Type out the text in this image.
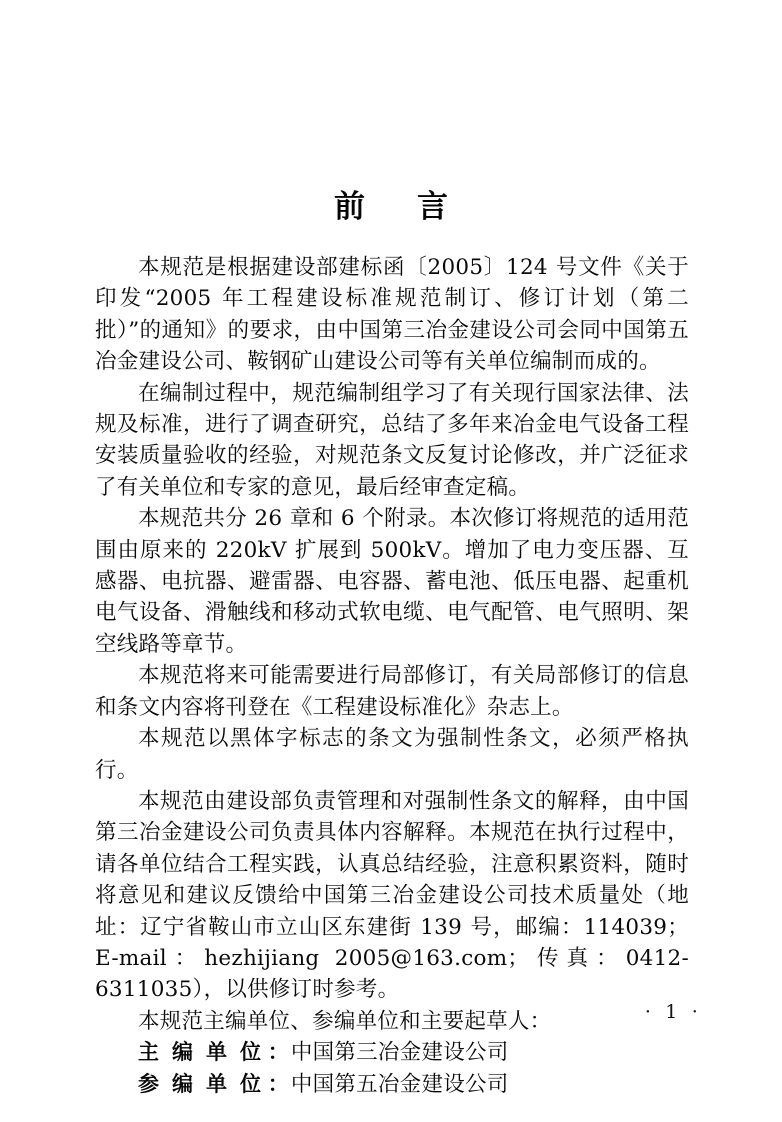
前　言

本规范是根据建设部建标函〔2005〕124 号文件《关于印发“2005 年工程建设标准规范制订、修订计划（第二批）”的通知》的要求，由中国第三冶金建设公司会同中国第五冶金建设公司、鞍钢矿山建设公司等有关单位编制而成的。

在编制过程中，规范编制组学习了有关现行国家法律、法规及标准，进行了调查研究，总结了多年来冶金电气设备工程安装质量验收的经验，对规范条文反复讨论修改，并广泛征求了有关单位和专家的意见，最后经审查定稿。

本规范共分 26 章和 6 个附录。本次修订将规范的适用范围由原来的 220kV 扩展到 500kV。增加了电力变压器、互感器、电抗器、避雷器、电容器、蓄电池、低压电器、起重机电气设备、滑触线和移动式软电缆、电气配管、电气照明、架空线路等章节。

本规范将来可能需要进行局部修订，有关局部修订的信息和条文内容将刊登在《工程建设标准化》杂志上。

本规范以黑体字标志的条文为强制性条文，必须严格执行。

本规范由建设部负责管理和对强制性条文的解释，由中国第三冶金建设公司负责具体内容解释。本规范在执行过程中，请各单位结合工程实践，认真总结经验，注意积累资料，随时将意见和建议反馈给中国第三冶金建设公司技术质量处（地址：辽宁省鞍山市立山区东建街 139 号，邮编：114039；E-mail：hezhijiang 2005@163.com；传真：0412-6311035），以供修订时参考。

本规范主编单位、参编单位和主要起草人：

主编单位：中国第三冶金建设公司

参编单位：中国第五冶金建设公司

· 1 ·
